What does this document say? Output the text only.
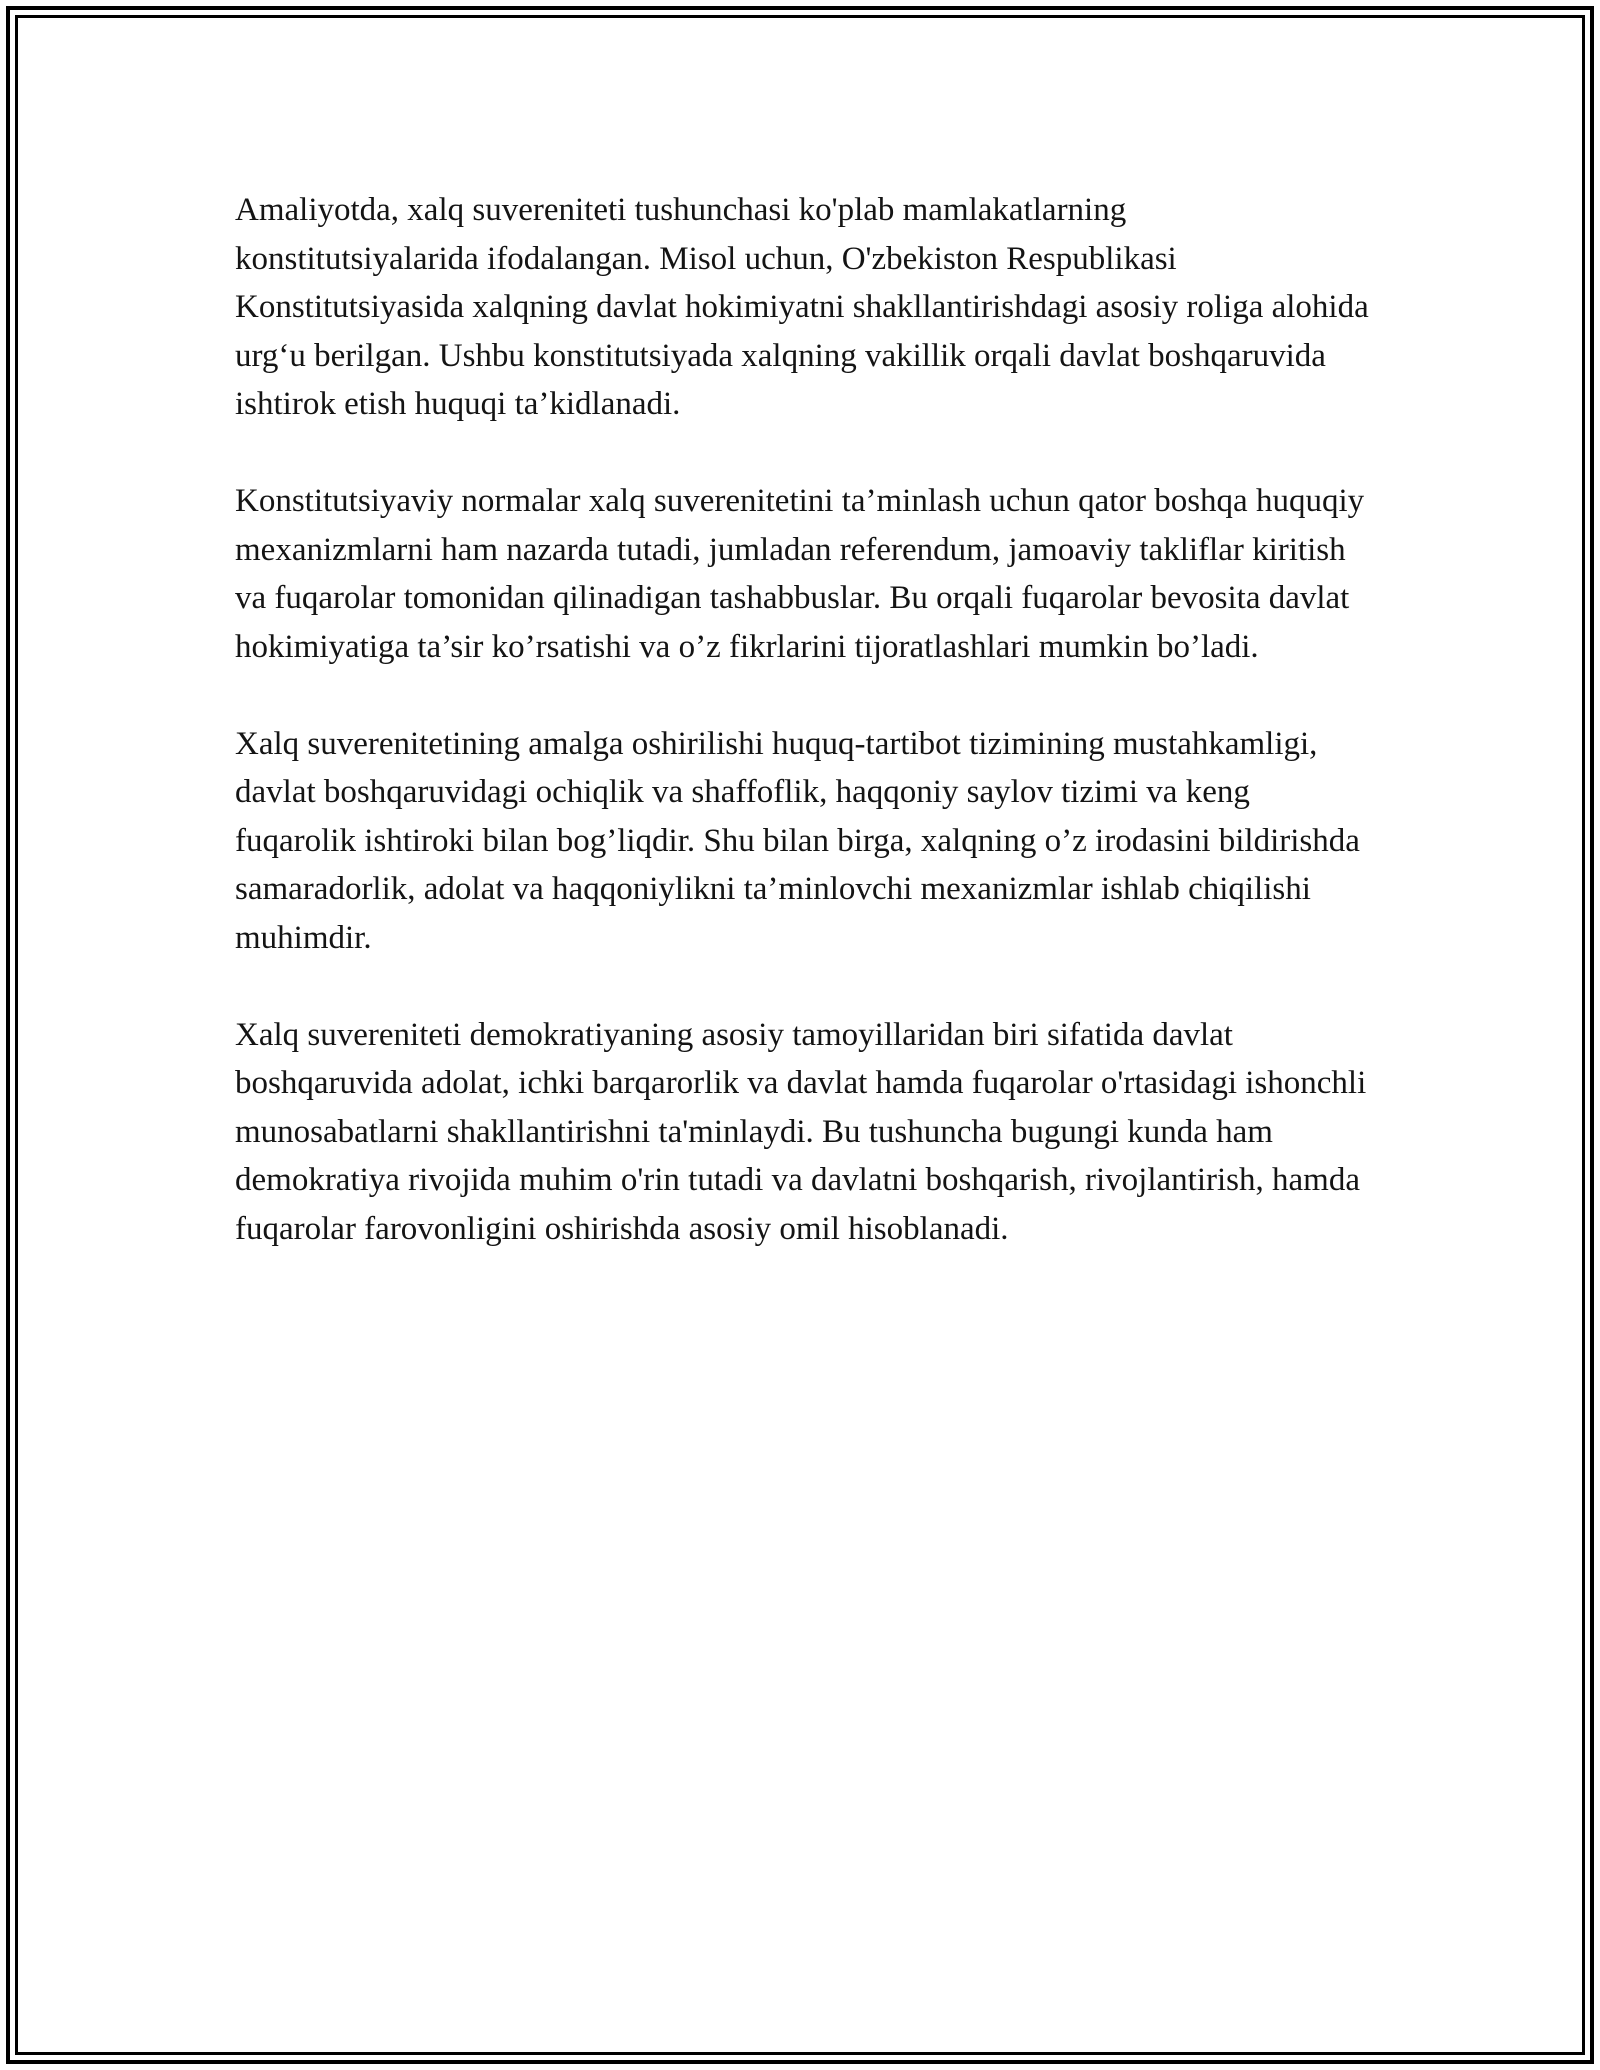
Amaliyotda, xalq suvereniteti tushunchasi ko'plab mamlakatlarning konstitutsiyalarida ifodalangan. Misol uchun, O'zbekiston Respublikasi Konstitutsiyasida xalqning davlat hokimiyatni shakllantirishdagi asosiy roliga alohida urg‘u berilgan. Ushbu konstitutsiyada xalqning vakillik orqali davlat boshqaruvida ishtirok etish huquqi ta’kidlanadi.

Konstitutsiyaviy normalar xalq suverenitetini ta’minlash uchun qator boshqa huquqiy mexanizmlarni ham nazarda tutadi, jumladan referendum, jamoaviy takliflar kiritish va fuqarolar tomonidan qilinadigan tashabbuslar. Bu orqali fuqarolar bevosita davlat hokimiyatiga ta’sir ko’rsatishi va o’z fikrlarini tijoratlashlari mumkin bo’ladi.

Xalq suverenitetining amalga oshirilishi huquq-tartibot tizimining mustahkamligi, davlat boshqaruvidagi ochiqlik va shaffoflik, haqqoniy saylov tizimi va keng fuqarolik ishtiroki bilan bog’liqdir. Shu bilan birga, xalqning o’z irodasini bildirishda samaradorlik, adolat va haqqoniylikni ta’minlovchi mexanizmlar ishlab chiqilishi muhimdir.

Xalq suvereniteti demokratiyaning asosiy tamoyillaridan biri sifatida davlat boshqaruvida adolat, ichki barqarorlik va davlat hamda fuqarolar o'rtasidagi ishonchli munosabatlarni shakllantirishni ta'minlaydi. Bu tushuncha bugungi kunda ham demokratiya rivojida muhim o'rin tutadi va davlatni boshqarish, rivojlantirish, hamda fuqarolar farovonligini oshirishda asosiy omil hisoblanadi.
